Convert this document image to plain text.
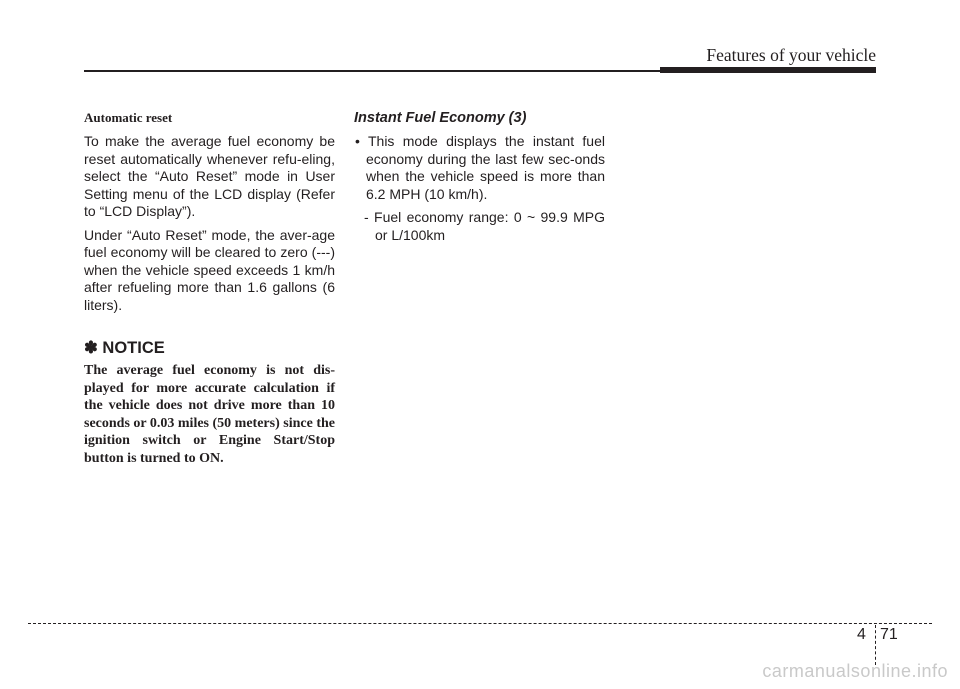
Features of your vehicle

Automatic reset

To make the average fuel economy be reset automatically whenever refu-eling, select the “Auto Reset” mode in User Setting menu of the LCD display (Refer to “LCD Display”).

Under “Auto Reset” mode, the aver-age fuel economy will be cleared to zero (---) when the vehicle speed exceeds 1 km/h after refueling more than 1.6 gallons (6 liters).

✽ NOTICE

The average fuel economy is not dis-played for more accurate calculation if the vehicle does not drive more than 10 seconds or 0.03 miles (50 meters) since the ignition switch or Engine Start/Stop button is turned to ON.

Instant Fuel Economy (3)

• This mode displays the instant fuel economy during the last few sec-onds when the vehicle speed is more than 6.2 MPH (10 km/h).

- Fuel economy range: 0 ~ 99.9 MPG or L/100km

4 71
carmanualsonline.info
